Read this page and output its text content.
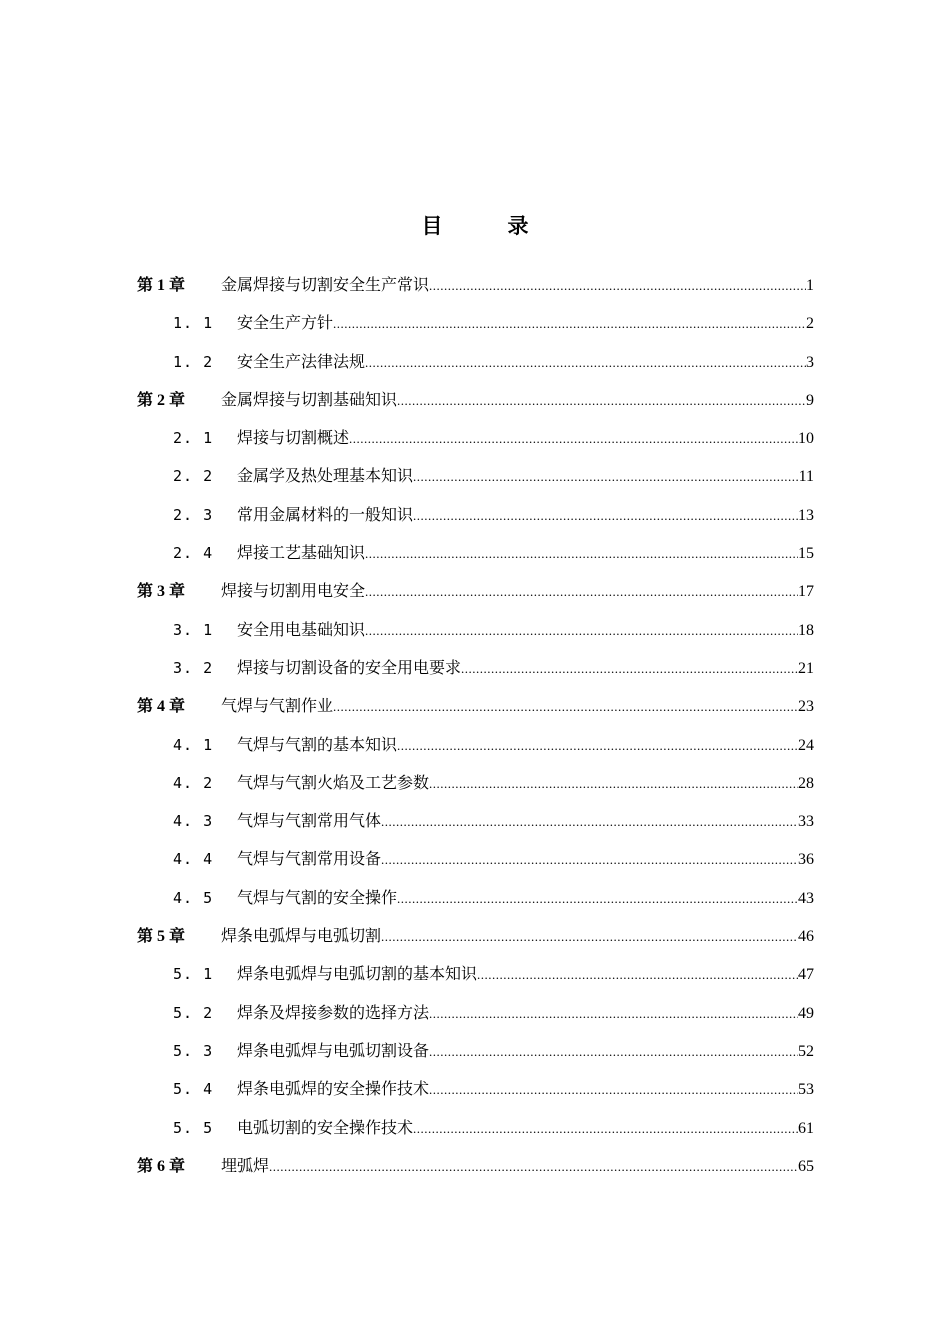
目　录
第 1 章	金属焊接与切割安全生产常识 .....	1
1. 1	安全生产方针 .....	2
1. 2	安全生产法律法规 .....	3
第 2 章	金属焊接与切割基础知识 .....	9
2. 1	焊接与切割概述 .....	10
2. 2	金属学及热处理基本知识 .....	11
2. 3	常用金属材料的一般知识 .....	13
2. 4	焊接工艺基础知识 .....	15
第 3 章	焊接与切割用电安全 .....	17
3. 1	安全用电基础知识 .....	18
3. 2	焊接与切割设备的安全用电要求 .....	21
第 4 章	气焊与气割作业 .....	23
4. 1	气焊与气割的基本知识 .....	24
4. 2	气焊与气割火焰及工艺参数 .....	28
4. 3	气焊与气割常用气体 .....	33
4. 4	气焊与气割常用设备 .....	36
4. 5	气焊与气割的安全操作 .....	43
第 5 章	焊条电弧焊与电弧切割 .....	46
5. 1	焊条电弧焊与电弧切割的基本知识 .....	47
5. 2	焊条及焊接参数的选择方法 .....	49
5. 3	焊条电弧焊与电弧切割设备 .....	52
5. 4	焊条电弧焊的安全操作技术 .....	53
5. 5	电弧切割的安全操作技术 .....	61
第 6 章	埋弧焊 .....	65
